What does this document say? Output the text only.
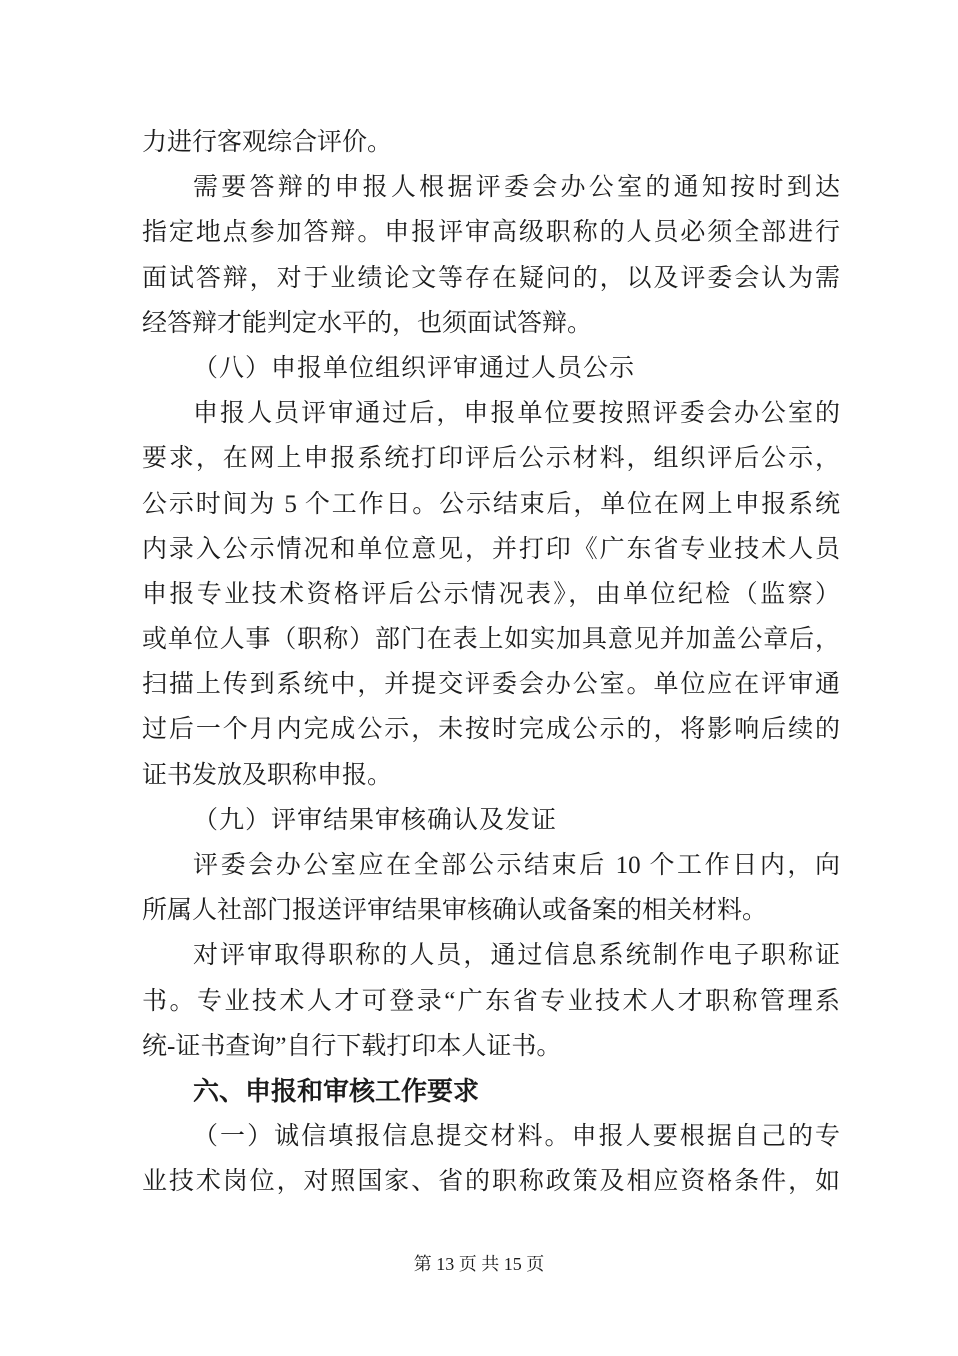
力进行客观综合评价。
需要答辩的申报人根据评委会办公室的通知按时到达
指定地点参加答辩。申报评审高级职称的人员必须全部进行
面试答辩，对于业绩论文等存在疑问的，以及评委会认为需
经答辩才能判定水平的，也须面试答辩。
（八）申报单位组织评审通过人员公示
申报人员评审通过后，申报单位要按照评委会办公室的
要求，在网上申报系统打印评后公示材料，组织评后公示，
公示时间为 5 个工作日。公示结束后，单位在网上申报系统
内录入公示情况和单位意见，并打印《广东省专业技术人员
申报专业技术资格评后公示情况表》，由单位纪检（监察）
或单位人事（职称）部门在表上如实加具意见并加盖公章后，
扫描上传到系统中，并提交评委会办公室。单位应在评审通
过后一个月内完成公示，未按时完成公示的，将影响后续的
证书发放及职称申报。
（九）评审结果审核确认及发证
评委会办公室应在全部公示结束后 10 个工作日内，向
所属人社部门报送评审结果审核确认或备案的相关材料。
对评审取得职称的人员，通过信息系统制作电子职称证
书。专业技术人才可登录“广东省专业技术人才职称管理系
统-证书查询”自行下载打印本人证书。
六、申报和审核工作要求
（一）诚信填报信息提交材料。申报人要根据自己的专
业技术岗位，对照国家、省的职称政策及相应资格条件，如
第 13 页 共 15 页
